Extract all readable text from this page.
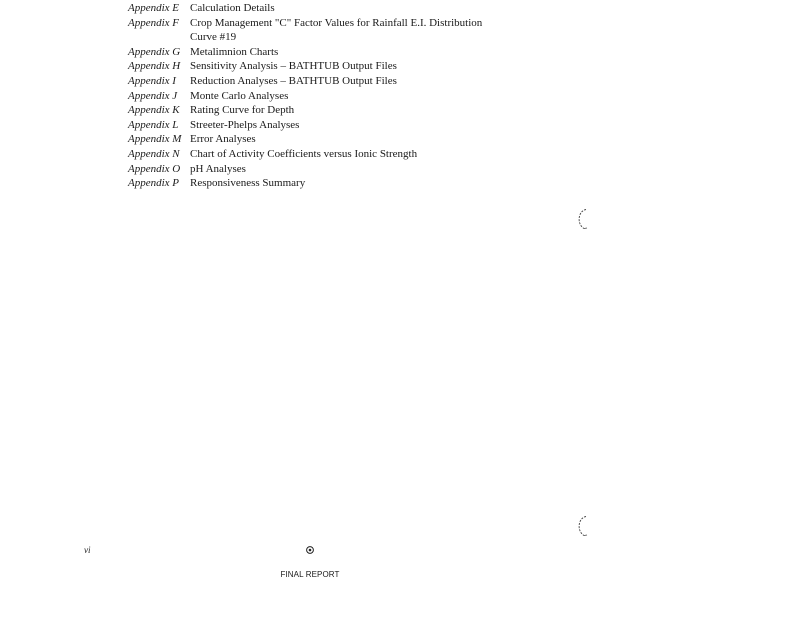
Appendix E Calculation Details
Appendix F Crop Management "C" Factor Values for Rainfall E.I. Distribution
Curve #19
Appendix G Metalimnion Charts
Appendix H Sensitivity Analysis – BATHTUB Output Files
Appendix I	Reduction Analyses – BATHTUB Output Files
Appendix J	Monte Carlo Analyses
Appendix K Rating Curve for Depth
Appendix L	Streeter-Phelps Analyses
Appendix M Error Analyses
Appendix N Chart of Activity Coefficients versus Ionic Strength
Appendix O pH Analyses
Appendix P Responsiveness Summary
vi
FINAL REPORT
